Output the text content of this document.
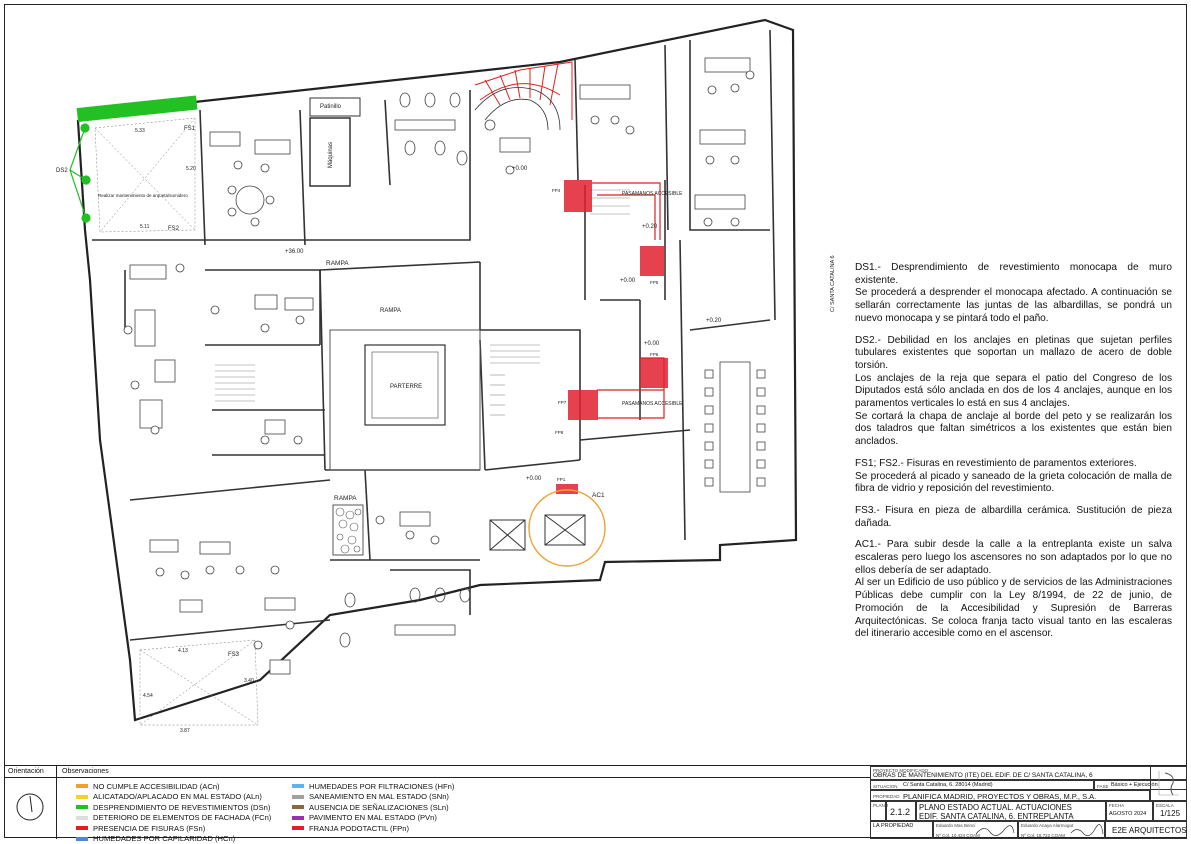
Patinillo
Máquinas
RAMPA
RAMPA
PARTERRE
RAMPA
PASAMANOS ACCESIBLE
PASAMANOS ACCESIBLE
+36.00
+0.00
+0.00
+0.00
+0.00
+0.20
+0.20
FS1
FS2
FS3
DS2
AC1
FP4
FP5
FP6
FP7
FP8
FP1
5.33
5.20
5.11
4.13
4.54
3.40
3.87
Realizar mantenimiento de arqueta/sumidero
C/ SANTA CATALINA 6 DS1.- Desprendimiento de revestimiento monocapa de muro existente.
Se procederá a desprender el monocapa afectado. A continuación se sellarán correctamente las juntas de las albardillas, se pondrá un nuevo monocapa y se pintará todo el paño.

DS2.- Debilidad en los anclajes en pletinas que sujetan perfiles tubulares existentes que soportan un mallazo de acero de doble torsión.
Los anclajes de la reja que separa el patio del Congreso de los Diputados está sólo anclada en dos de los 4 anclajes, aunque en los paramentos verticales lo está en sus 4 anclajes.
Se cortará la chapa de anclaje al borde del peto y se realizarán los dos taladros que faltan simétricos a los existentes que están bien anclados.

FS1; FS2.- Fisuras en revestimiento de paramentos exteriores.
Se procederá al picado y saneado de la grieta colocación de malla de fibra de vidrio y reposición del revestimiento.

FS3.- Fisura en pieza de albardilla cerámica. Sustitución de pieza dañada.

AC1.- Para subir desde la calle a la entreplanta existe un salva escaleras pero luego los ascensores no son adaptados por lo que no ellos debería de ser adaptado.
Al ser un Edificio de uso público y de servicios de las Administraciones Públicas debe cumplir con la Ley 8/1994, de 22 de junio, de Promoción de la Accesibilidad y Supresión de Barreras Arquitectónicas. Se coloca franja tacto visual tanto en las escaleras del itinerario accesible como en el ascensor.

Orientación	Observaciones
NO CUMPLE ACCESIBILIDAD (ACn)
ALICATADO/APLACADO EN MAL ESTADO (ALn)
DESPRENDIMIENTO DE REVESTIMIENTOS (DSn)
DETERIORO DE ELEMENTOS DE FACHADA (FCn)
PRESENCIA DE FISURAS (FSn)
HUMEDADES POR CAPILARIDAD (HCn)
HUMEDADES POR FILTRACIONES (HFn)
SANEAMIENTO EN MAL ESTADO (SNn)
AUSENCIA DE SEÑALIZACIONES (SLn)
PAVIMENTO EN MAL ESTADO (PVn)
FRANJA PODOTACTIL (FPn)
PROYECTO MODIFICADO
OBRAS DE MANTENIMIENTO (ITE) DEL EDIF. DE C/ SANTA CATALINA, 6
SITUACION C/ Santa Catalina, 6. 28014 (Madrid)	FASE Básico + Ejecución
PROPIEDAD PLANIFICA MADRID, PROYECTOS Y OBRAS, M.P., S.A.
PLANO
2.1.2 PLANO ESTADO ACTUAL. ACTUACIONES
EDIF. SANTA CATALINA, 6. ENTREPLANTA
FECHA
AGOSTO 2024
ESCALA
1/125
LA PROPIEDAD	Eduardo Mas Bencí
Nº Col. 10.424 COAM
Eduardo Anaya Alarmogut
Nº Col. 18.722 COAM
E2E ARQUITECTOS
